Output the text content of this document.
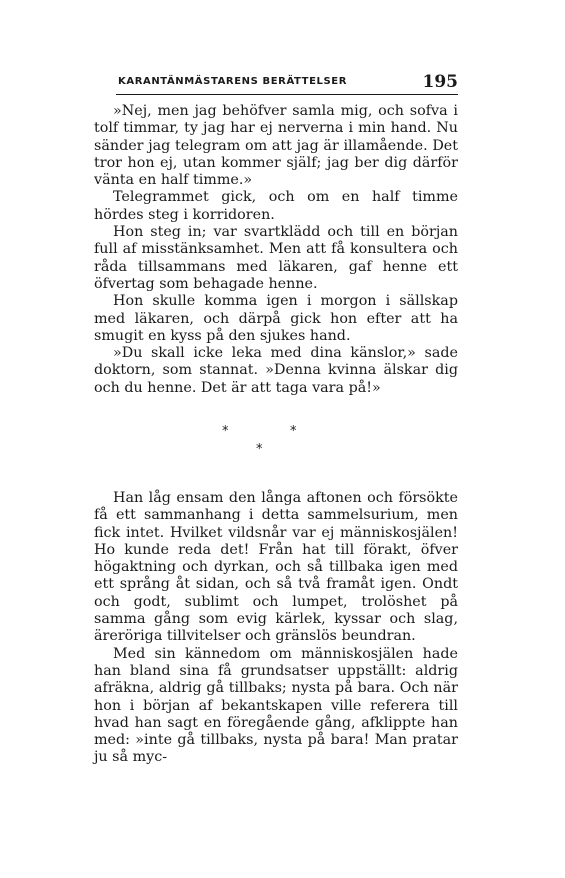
KARANTÄNMÄSTARENS BERÄTTELSER	195

»Nej, men jag behöfver samla mig, och sofva i tolf timmar, ty jag har ej nerverna i min hand. Nu sänder jag telegram om att jag är illamående. Det tror hon ej, utan kommer själf; jag ber dig därför vänta en half timme.»

Telegrammet gick, och om en half timme hördes steg i korridoren.

Hon steg in; var svartklädd och till en början full af misstänksamhet. Men att få konsultera och råda tillsammans med läkaren, gaf henne ett öfvertag som behagade henne.

Hon skulle komma igen i morgon i sällskap med läkaren, och därpå gick hon efter att ha smugit en kyss på den sjukes hand.

»Du skall icke leka med dina känslor,» sade doktorn, som stannat. »Denna kvinna älskar dig och du henne. Det är att taga vara på!»

*	*
*

Han låg ensam den långa aftonen och försökte få ett sammanhang i detta sammelsurium, men fick intet. Hvilket vildsnår var ej människosjälen! Ho kunde reda det! Från hat till förakt, öfver högaktning och dyrkan, och så tillbaka igen med ett språng åt sidan, och så två framåt igen. Ondt och godt, sublimt och lumpet, trolöshet på samma gång som evig kärlek, kyssar och slag, äreröriga tillvitelser och gränslös beundran.

Med sin kännedom om människosjälen hade han bland sina få grundsatser uppställt: aldrig afräkna, aldrig gå tillbaks; nysta på bara. Och när hon i början af bekantskapen ville referera till hvad han sagt en föregående gång, afklippte han med: »inte gå tillbaks, nysta på bara! Man pratar ju så myc-
